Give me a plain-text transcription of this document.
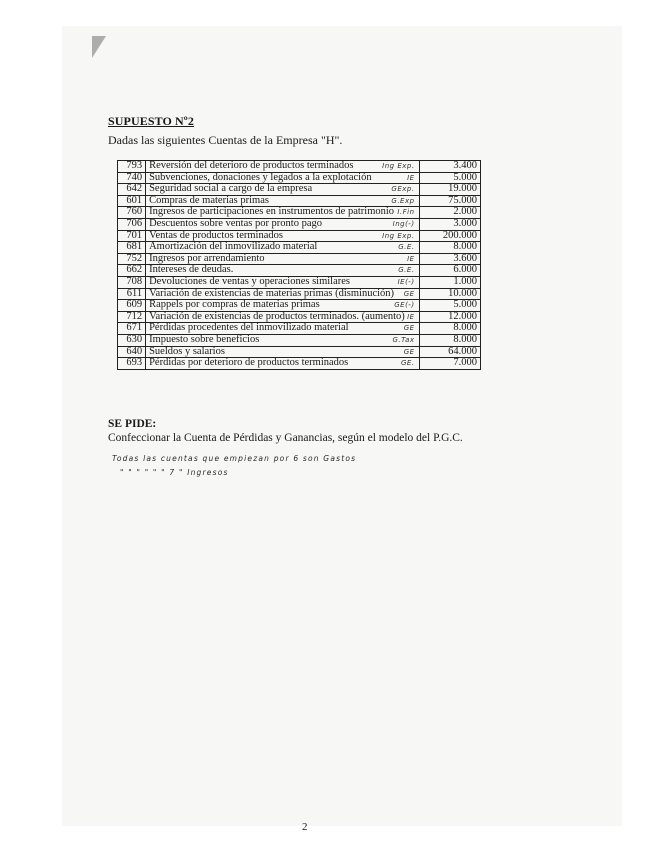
SUPUESTO Nº2
Dadas las siguientes Cuentas de la Empresa "H".
793	Reversión del deterioro de productos terminados Ing Exp.	3.400
740	Subvenciones, donaciones y legados a la explotación IE	5.000
642	Seguridad social a cargo de la empresa GExp.	19.000
601	Compras de materias primas G.Exp	75.000
760	Ingresos de participaciones en instrumentos de patrimonio I.Fin	2.000
706	Descuentos sobre ventas por pronto pago Ing(-)	3.000
701	Ventas de productos terminados Ing Exp.	200.000
681	Amortización del inmovilizado material G.E.	8.000
752	Ingresos por arrendamiento IE	3.600
662	Intereses de deudas. G.E.	6.000
708	Devoluciones de ventas y operaciones similares IE(-)	1.000
611	Variación de existencias de materias primas (disminución) GE	10.000
609	Rappels por compras de materias primas GE(-)	5.000
712	Variación de existencias de productos terminados. (aumento) IE	12.000
671	Pérdidas procedentes del inmovilizado material GE	8.000
630	Impuesto sobre beneficios G.Tax	8.000
640	Sueldos y salarios GE	64.000
693	Pérdidas por deterioro de productos terminados GE.	7.000
SE PIDE:
Confeccionar la Cuenta de Pérdidas y Ganancias, según el modelo del P.G.C.
Todas las cuentas que empiezan por 6 son Gastos
" " " " " " 7 " Ingresos
2
